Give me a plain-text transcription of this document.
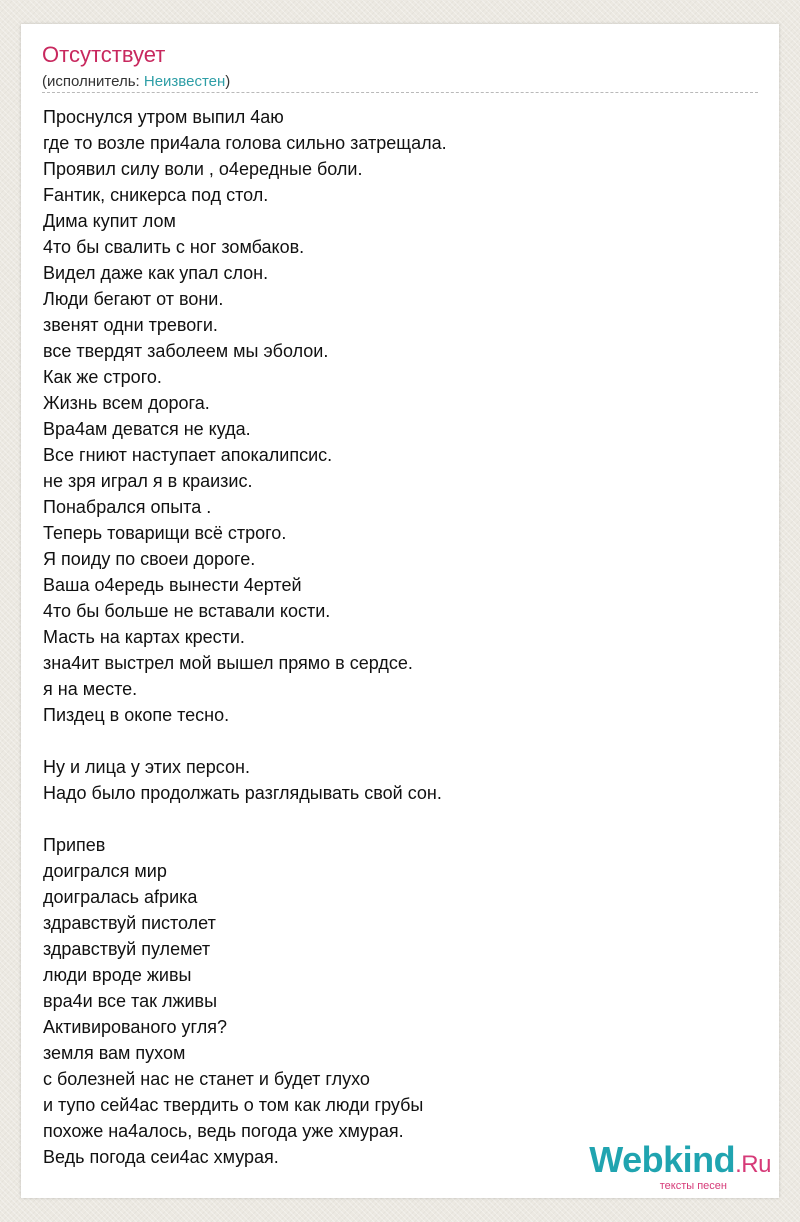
Отсутствует
(исполнитель: Неизвестен)
Проснулся утром выпил 4аю
где то возле при4ала голова сильно затрещала.
Проявил силу воли , о4ередные боли.
Fантик, сникерса под стол.
Дима купит лом
4то бы свалить с ног зомбаков.
Видел даже как упал слон.
Люди бегают от вони.
звенят одни тревоги.
все твердят заболеем мы эболои.
Как же строго.
Жизнь всем дорога.
Вра4ам деватся не куда.
Все гниют наступает апокалипсис.
не зря играл я в краизис.
Понабрался опыта .
Теперь товарищи всё строго.
Я поиду по своеи дороге.
Ваша о4ередь вынести 4ертей
4то бы больше не вставали кости.
Масть на картах крести.
зна4ит выстрел мой вышел прямо в сердсе.
я на месте.
Пиздец в окопе тесно.
Ну и лица у этих персон.
Надо было продолжать разглядывать свой сон.
Припев
доигрался мир
доигралась аfрика
здравствуй пистолет
здравствуй пулемет
люди вроде живы
вра4и все так лживы
Активированого угля?
земля вам пухом
с болезней нас не станет и будет глухо
и тупо сей4ас твердить о том как люди грубы
похоже на4алось, ведь погода уже хмурая.
Ведь погода сеи4ас хмурая.	Webkind.Ru
тексты песен
